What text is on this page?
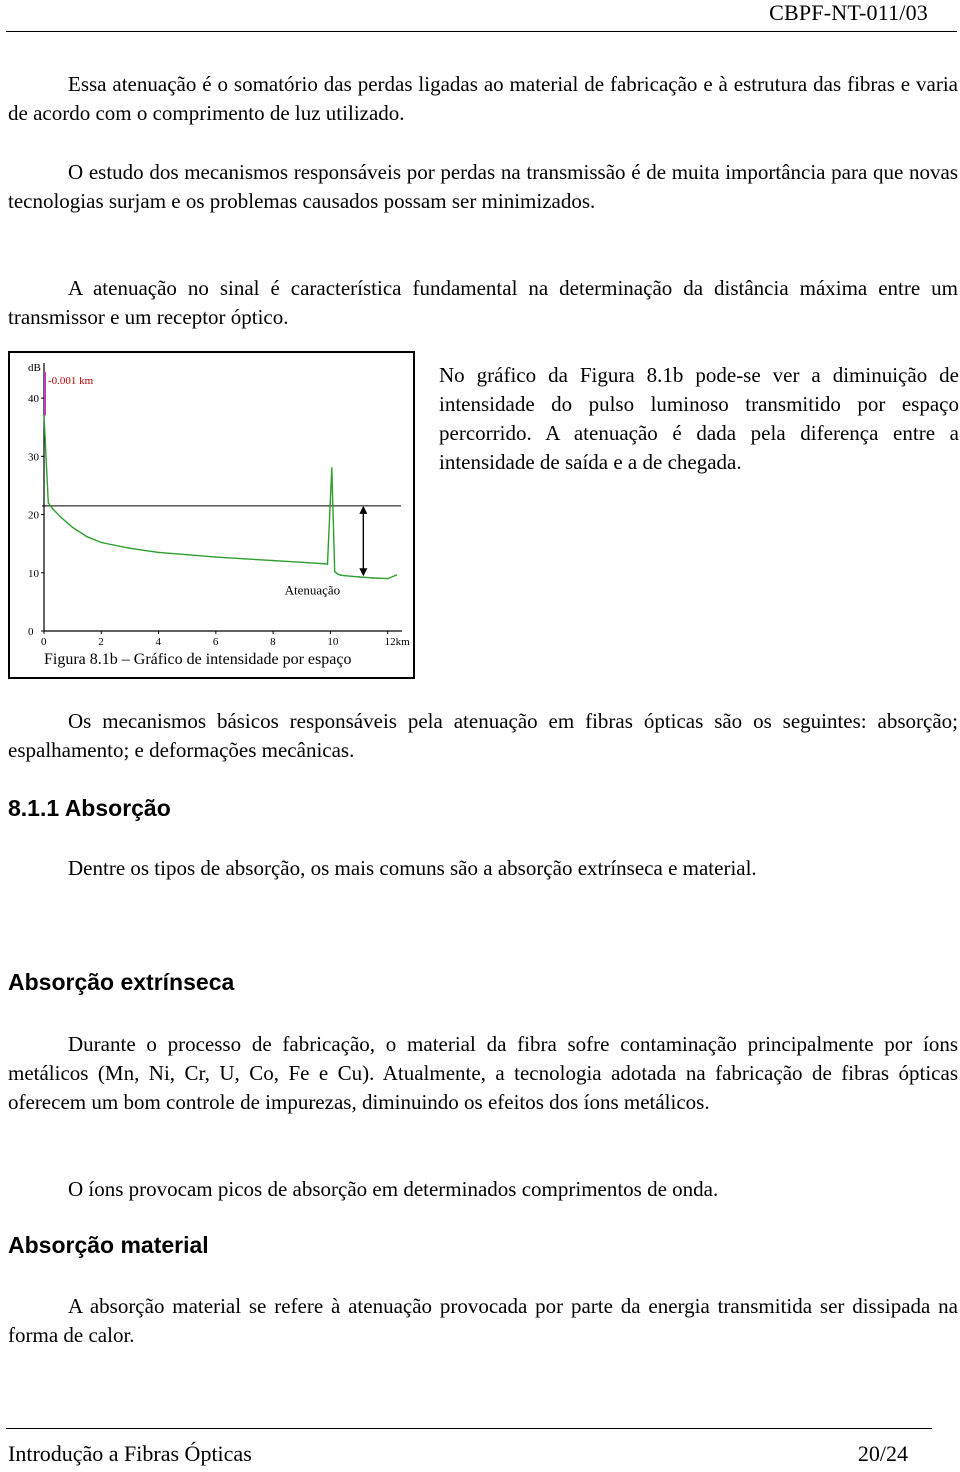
CBPF-NT-011/03

Essa atenuação é o somatório das perdas ligadas ao material de fabricação e à estrutura das fibras e varia de acordo com o comprimento de luz utilizado.

O estudo dos mecanismos responsáveis por perdas na transmissão é de muita importância para que novas tecnologias surjam e os problemas causados possam ser minimizados.

A atenuação no sinal é característica fundamental na determinação da distância máxima entre um transmissor e um receptor óptico.

dB
0
10
20
30
40
0	2	4	6	8	10	12km
-0.001 km
Atenuação
Figura 8.1b – Gráfico de intensidade por espaço

No gráfico da Figura 8.1b pode-se ver a diminuição de intensidade do pulso luminoso transmitido por espaço percorrido. A atenuação é dada pela diferença entre a intensidade de saída e a de chegada.

Os mecanismos básicos responsáveis pela atenuação em fibras ópticas são os seguintes: absorção; espalhamento; e deformações mecânicas.

8.1.1 Absorção

Dentre os tipos de absorção, os mais comuns são a absorção extrínseca e material.

Absorção extrínseca

Durante o processo de fabricação, o material da fibra sofre contaminação principalmente por íons metálicos (Mn, Ni, Cr, U, Co, Fe e Cu). Atualmente, a tecnologia adotada na fabricação de fibras ópticas oferecem um bom controle de impurezas, diminuindo os efeitos dos íons metálicos.

O íons provocam picos de absorção em determinados comprimentos de onda.

Absorção material

A absorção material se refere à atenuação provocada por parte da energia transmitida ser dissipada na forma de calor.

Introdução a Fibras Ópticas	20/24
